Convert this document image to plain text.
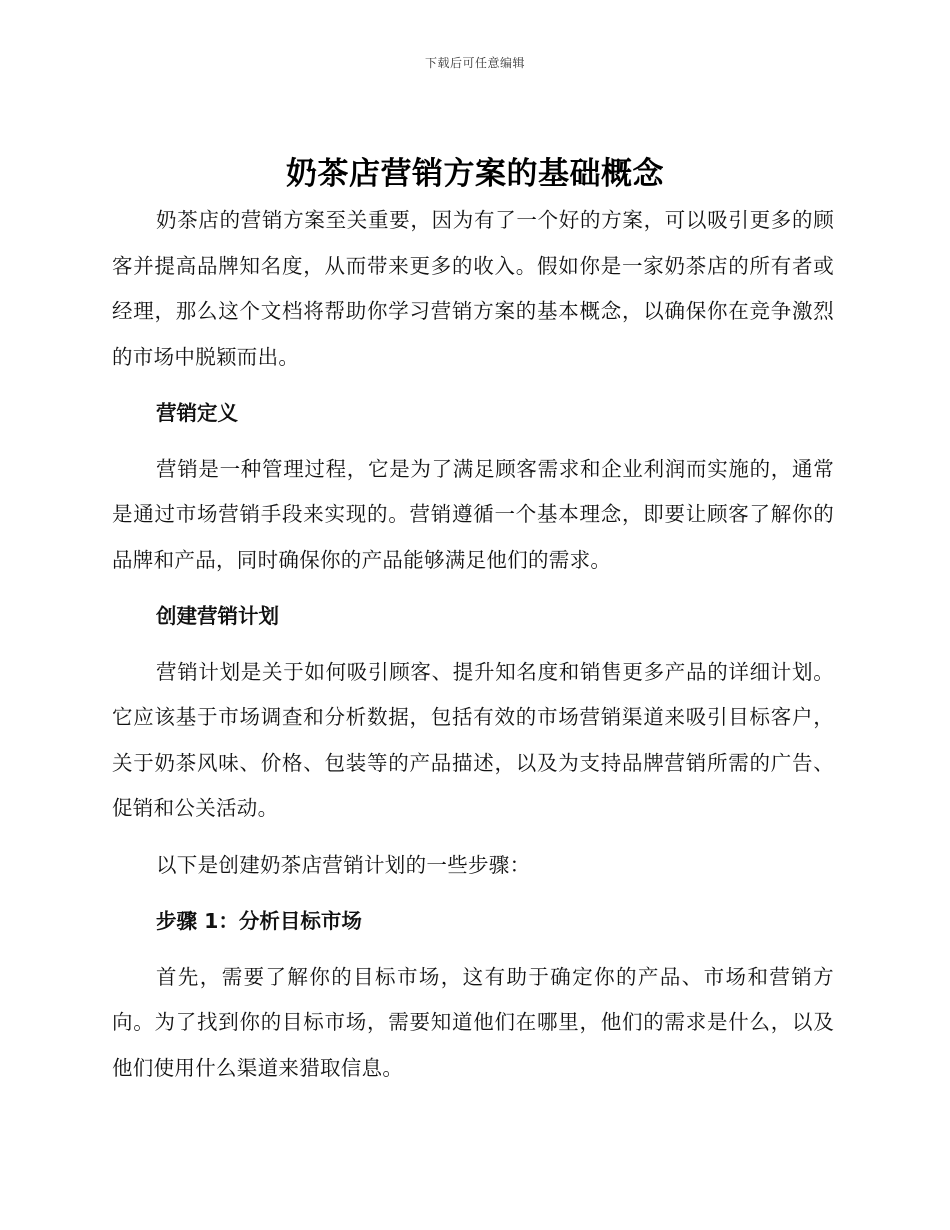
下载后可任意编辑
奶茶店营销方案的基础概念

奶茶店的营销方案至关重要，因为有了一个好的方案，可以吸引更多的顾客并提高品牌知名度，从而带来更多的收入。假如你是一家奶茶店的所有者或经理，那么这个文档将帮助你学习营销方案的基本概念，以确保你在竞争激烈的市场中脱颖而出。

营销定义

营销是一种管理过程，它是为了满足顾客需求和企业利润而实施的，通常是通过市场营销手段来实现的。营销遵循一个基本理念，即要让顾客了解你的品牌和产品，同时确保你的产品能够满足他们的需求。

创建营销计划

营销计划是关于如何吸引顾客、提升知名度和销售更多产品的详细计划。它应该基于市场调查和分析数据，包括有效的市场营销渠道来吸引目标客户，关于奶茶风味、价格、包装等的产品描述，以及为支持品牌营销所需的广告、促销和公关活动。

以下是创建奶茶店营销计划的一些步骤：

步骤 1：分析目标市场

首先，需要了解你的目标市场，这有助于确定你的产品、市场和营销方向。为了找到你的目标市场，需要知道他们在哪里，他们的需求是什么，以及他们使用什么渠道来猎取信息。
